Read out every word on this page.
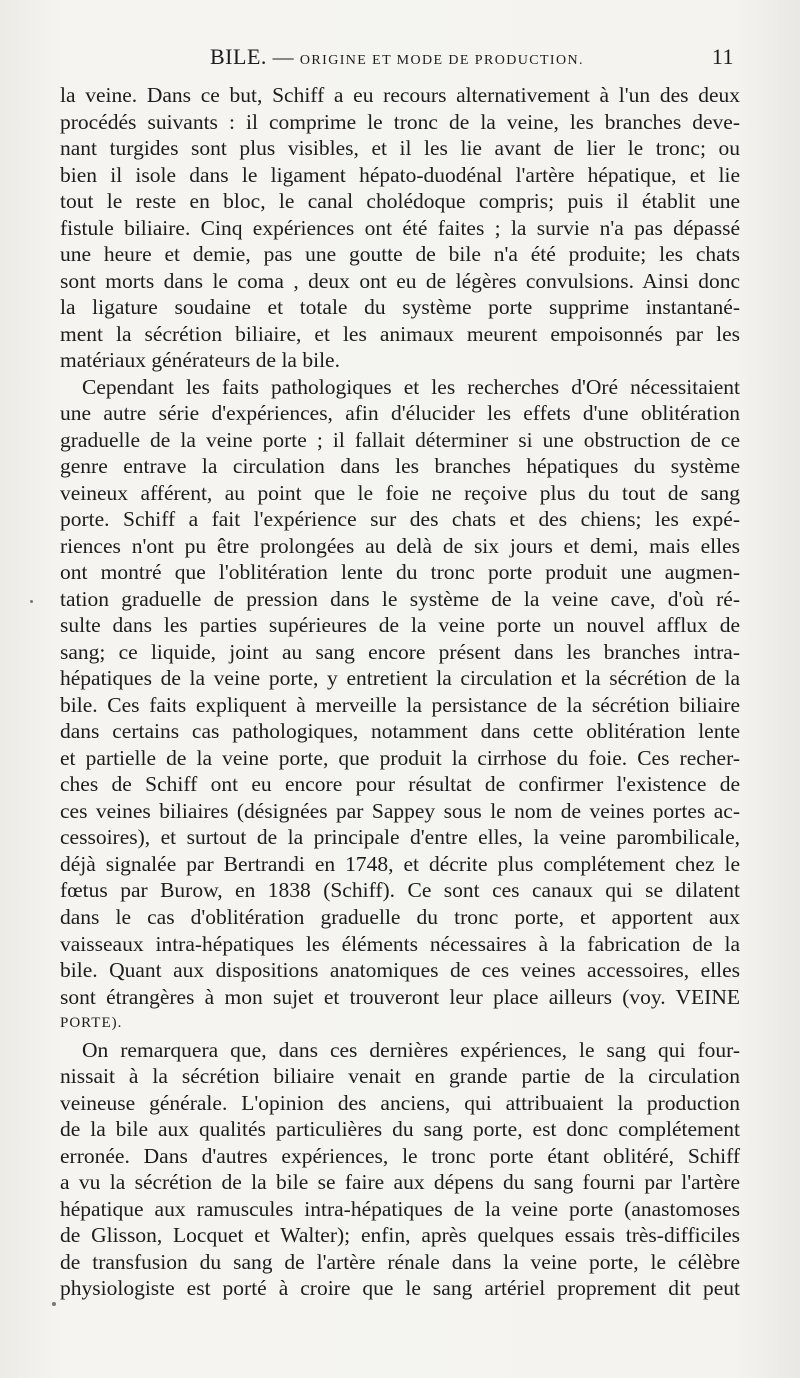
BILE. — ORIGINE ET MODE DE PRODUCTION.	11
la veine. Dans ce but, Schiff a eu recours alternativement à l'un des deux
procédés suivants : il comprime le tronc de la veine, les branches deve-
nant turgides sont plus visibles, et il les lie avant de lier le tronc; ou
bien il isole dans le ligament hépato-duodénal l'artère hépatique, et lie
tout le reste en bloc, le canal cholédoque compris; puis il établit une
fistule biliaire. Cinq expériences ont été faites ; la survie n'a pas dépassé
une heure et demie, pas une goutte de bile n'a été produite; les chats
sont morts dans le coma , deux ont eu de légères convulsions. Ainsi donc
la ligature soudaine et totale du système porte supprime instantané-
ment la sécrétion biliaire, et les animaux meurent empoisonnés par les
matériaux générateurs de la bile.
Cependant les faits pathologiques et les recherches d'Oré nécessitaient
une autre série d'expériences, afin d'élucider les effets d'une oblitération
graduelle de la veine porte ; il fallait déterminer si une obstruction de ce
genre entrave la circulation dans les branches hépatiques du système
veineux afférent, au point que le foie ne reçoive plus du tout de sang
porte. Schiff a fait l'expérience sur des chats et des chiens; les expé-
riences n'ont pu être prolongées au delà de six jours et demi, mais elles
ont montré que l'oblitération lente du tronc porte produit une augmen-
tation graduelle de pression dans le système de la veine cave, d'où ré-
sulte dans les parties supérieures de la veine porte un nouvel afflux de
sang; ce liquide, joint au sang encore présent dans les branches intra-
hépatiques de la veine porte, y entretient la circulation et la sécrétion de la
bile. Ces faits expliquent à merveille la persistance de la sécrétion biliaire
dans certains cas pathologiques, notamment dans cette oblitération lente
et partielle de la veine porte, que produit la cirrhose du foie. Ces recher-
ches de Schiff ont eu encore pour résultat de confirmer l'existence de
ces veines biliaires (désignées par Sappey sous le nom de veines portes ac-
cessoires), et surtout de la principale d'entre elles, la veine parombilicale,
déjà signalée par Bertrandi en 1748, et décrite plus complétement chez le
fœtus par Burow, en 1838 (Schiff). Ce sont ces canaux qui se dilatent
dans le cas d'oblitération graduelle du tronc porte, et apportent aux
vaisseaux intra-hépatiques les éléments nécessaires à la fabrication de la
bile. Quant aux dispositions anatomiques de ces veines accessoires, elles
sont étrangères à mon sujet et trouveront leur place ailleurs (voy. VEINE
PORTE).
On remarquera que, dans ces dernières expériences, le sang qui four-
nissait à la sécrétion biliaire venait en grande partie de la circulation
veineuse générale. L'opinion des anciens, qui attribuaient la production
de la bile aux qualités particulières du sang porte, est donc complétement
erronée. Dans d'autres expériences, le tronc porte étant oblitéré, Schiff
a vu la sécrétion de la bile se faire aux dépens du sang fourni par l'artère
hépatique aux ramuscules intra-hépatiques de la veine porte (anastomoses
de Glisson, Locquet et Walter); enfin, après quelques essais très-difficiles
de transfusion du sang de l'artère rénale dans la veine porte, le célèbre
physiologiste est porté à croire que le sang artériel proprement dit peut
